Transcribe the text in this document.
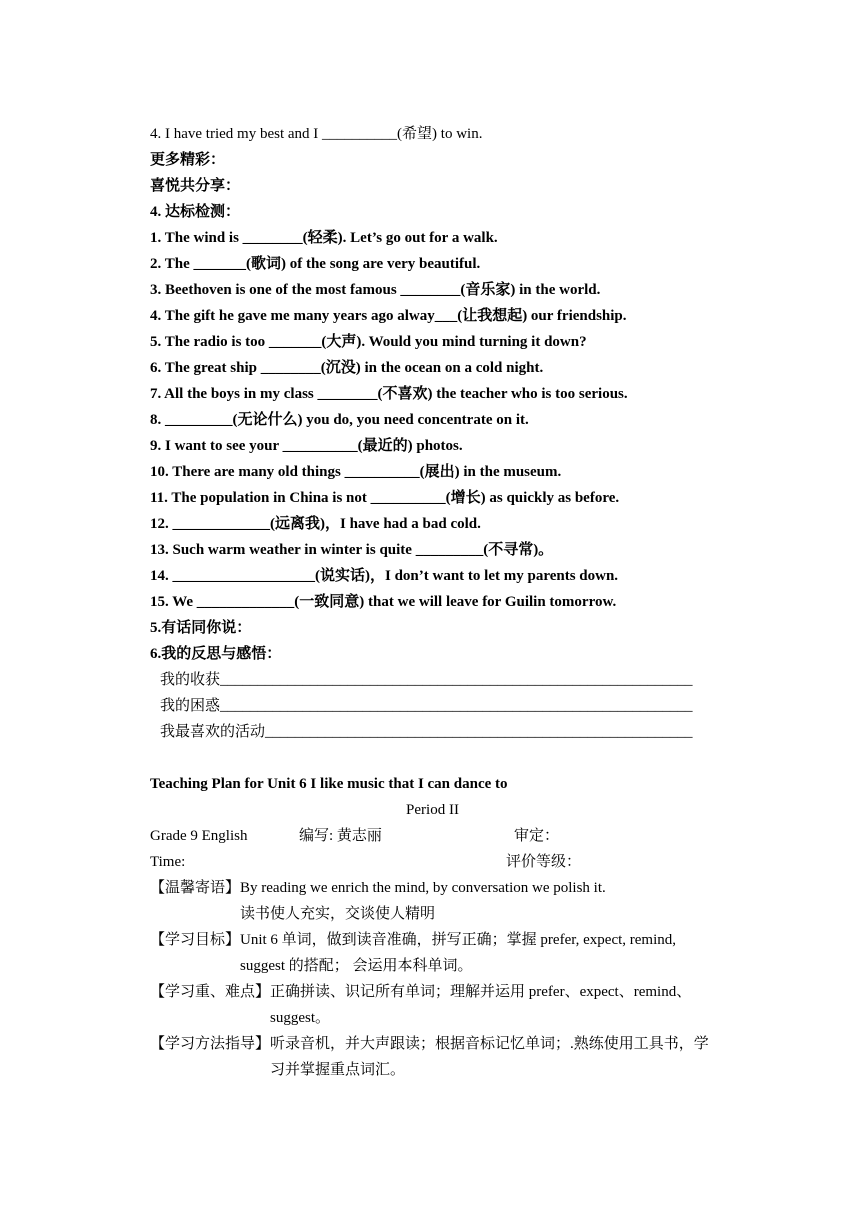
4. I have tried my best and I __________(希望) to win.
更多精彩：
喜悦共分享：
4. 达标检测：
1. The wind is ________(轻柔). Let’s go out for a walk.
2. The _______(歌词) of the song are very beautiful.
3. Beethoven is one of the most famous ________(音乐家) in the world.
4. The gift he gave me many years ago alway___(让我想起) our friendship.
5. The radio is too _______(大声). Would you mind turning it down?
6. The great ship ________(沉没) in the ocean on a cold night.
7. All the boys in my class ________(不喜欢) the teacher who is too serious.
8. _________(无论什么) you do, you need concentrate on it.
9. I want to see your __________(最近的) photos.
10. There are many old things __________(展出) in the museum.
11. The population in China is not __________(增长) as quickly as before.
12. _____________(远离我)，I have had a bad cold.
13. Such warm weather in winter is quite _________(不寻常)。
14. ___________________(说实话)，I don’t want to let my parents down.
15. We _____________(一致同意) that we will leave for Guilin tomorrow.
5.有话同你说：
6.我的反思与感悟：
我的收获_______________________________________________________________
我的困惑_______________________________________________________________
我最喜欢的活动_________________________________________________________
Teaching Plan for Unit 6 I like music that I can dance to
Period II
Grade 9 English	编写: 黄志丽	审定：
Time:	评价等级：
【温馨寄语】 By reading we enrich the mind, by conversation we polish it.
读书使人充实，交谈使人精明
【学习目标】 Unit 6 单词，做到读音准确，拼写正确；掌握 prefer, expect, remind, suggest 的搭配； 会运用本科单词。
【学习重、难点】 正确拼读、识记所有单词；理解并运用 prefer、expect、remind、suggest。
【学习方法指导】 听录音机，并大声跟读；根据音标记忆单词；.熟练使用工具书，学习并掌握重点词汇。
